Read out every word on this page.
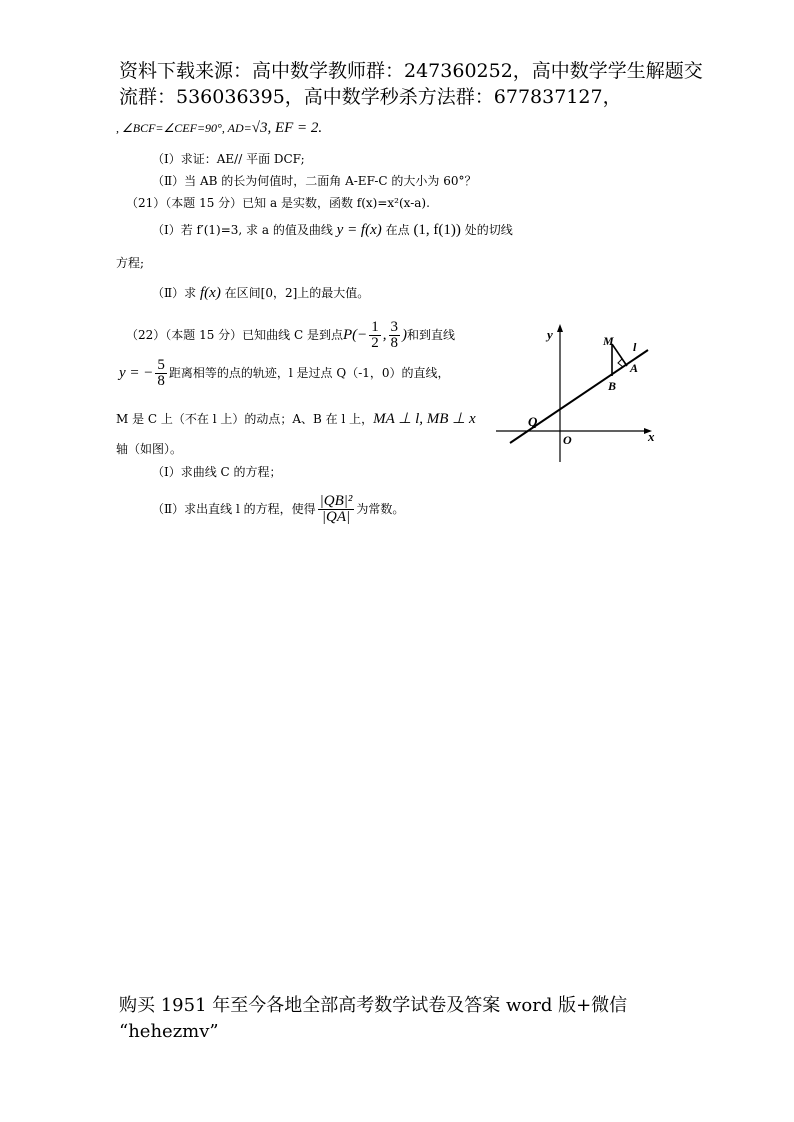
资料下载来源：高中数学教师群：247360252，高中数学学生解题交
流群：536036395，高中数学秒杀方法群：677837127，
, ∠BCF=∠CEF=90°, AD=√3, EF = 2.
（Ⅰ）求证：AE// 平面 DCF;
（Ⅱ）当 AB 的长为何值时，二面角 A-EF-C 的大小为 60°？
（21）（本题 15 分）已知 a 是实数，函数 f(x)=x²(x-a).
（Ⅰ）若 f′(1)=3, 求 a 的值及曲线 y = f(x) 在点 (1, f(1)) 处的切线
方程;
（Ⅱ）求 f(x) 在区间[0，2]上的最大值。
（22）（本题 15 分）已知曲线 C 是到点$P(- \frac{1}{2}$ , $\frac{3}{8}$ )和到直线
y = − $\frac{5}{8}$ 距离相等的点的轨迹，l 是过点 Q（-1，0）的直线，
M 是 C 上（不在 l 上）的动点；A、B 在 l 上，MA ⊥ l, MB ⊥ x
轴（如图）。
（Ⅰ）求曲线 C 的方程；
（Ⅱ）求出直线 l 的方程，使得 $\frac{\text{|QB|²}}{|QA|}$ 为常数。
y
x
O
Q
M l
A
B
购买 1951 年至今各地全部高考数学试卷及答案 word 版+微信
“hehezmv”
